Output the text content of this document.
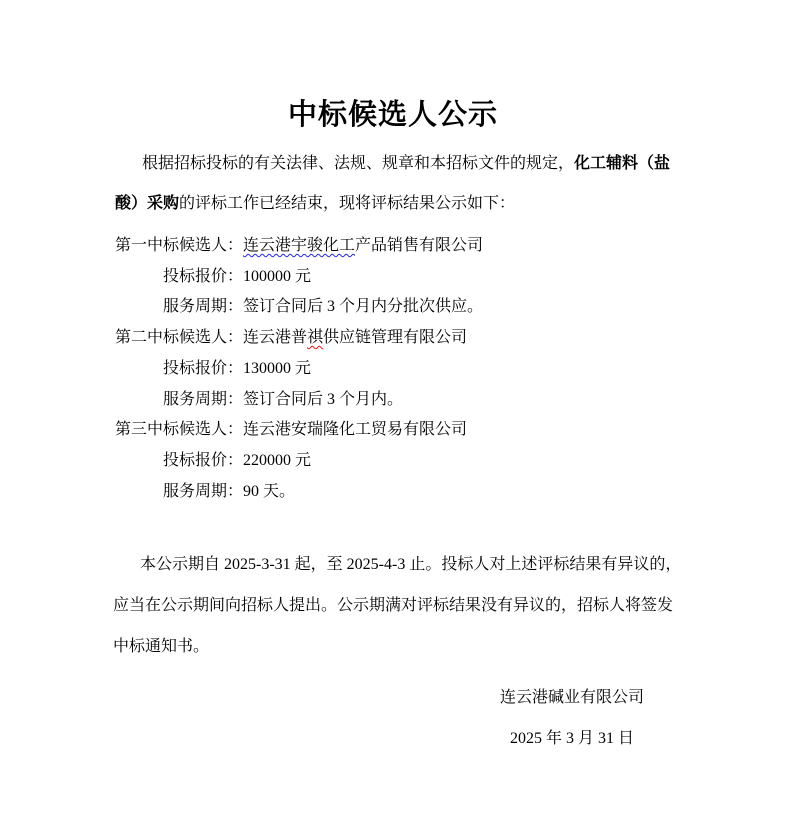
中标候选人公示
根据招标投标的有关法律、法规、规章和本招标文件的规定，化工辅料（盐
酸）采购的评标工作已经结束，现将评标结果公示如下：
第一中标候选人：连云港宇骏化工产品销售有限公司
投标报价：100000 元
服务周期：签订合同后 3 个月内分批次供应。
第二中标候选人：连云港普祺供应链管理有限公司
投标报价：130000 元
服务周期：签订合同后 3 个月内。
第三中标候选人：连云港安瑞隆化工贸易有限公司
投标报价：220000 元
服务周期：90 天。
本公示期自 2025-3-31 起，至 2025-4-3 止。投标人对上述评标结果有异议的，
应当在公示期间向招标人提出。公示期满对评标结果没有异议的，招标人将签发
中标通知书。
连云港碱业有限公司
2025 年 3 月 31 日
